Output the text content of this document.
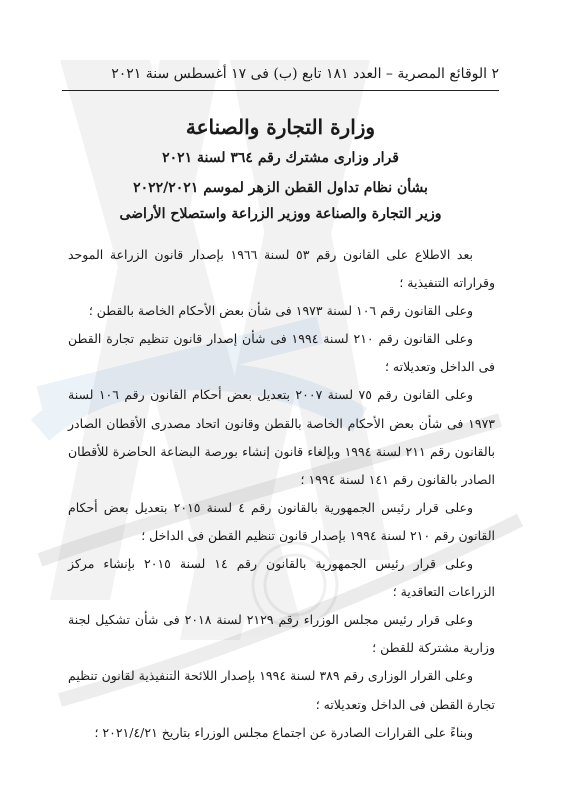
٢ الوقائع المصرية – العدد ١٨١ تابع (ب) فى ١٧ أغسطس سنة ٢٠٢١
وزارة التجارة والصناعة
قرار وزارى مشترك رقم ٣٦٤ لسنة ٢٠٢١
بشأن نظام تداول القطن الزهر لموسم ٢٠٢٢/٢٠٢١
وزير التجارة والصناعة ووزير الزراعة واستصلاح الأراضى

بعد الاطلاع على القانون رقم ٥٣ لسنة ١٩٦٦ بإصدار قانون الزراعة الموحد وقراراته التنفيذية ؛

وعلى القانون رقم ١٠٦ لسنة ١٩٧٣ فى شأن بعض الأحكام الخاصة بالقطن ؛

وعلى القانون رقم ٢١٠ لسنة ١٩٩٤ فى شأن إصدار قانون تنظيم تجارة القطن فى الداخل وتعديلاته ؛

وعلى القانون رقم ٧٥ لسنة ٢٠٠٧ بتعديل بعض أحكام القانون رقم ١٠٦ لسنة ١٩٧٣ فى شأن بعض الأحكام الخاصة بالقطن وقانون اتحاد مصدرى الأقطان الصادر بالقانون رقم ٢١١ لسنة ١٩٩٤ وبإلغاء قانون إنشاء بورصة البضاعة الحاضرة للأقطان الصادر بالقانون رقم ١٤١ لسنة ١٩٩٤ ؛

وعلى قرار رئيس الجمهورية بالقانون رقم ٤ لسنة ٢٠١٥ بتعديل بعض أحكام القانون رقم ٢١٠ لسنة ١٩٩٤ بإصدار قانون تنظيم القطن فى الداخل ؛

وعلى قرار رئيس الجمهورية بالقانون رقم ١٤ لسنة ٢٠١٥ بإنشاء مركز الزراعات التعاقدية ؛

وعلى قرار رئيس مجلس الوزراء رقم ٢١٢٩ لسنة ٢٠١٨ فى شأن تشكيل لجنة وزارية مشتركة للقطن ؛

وعلى القرار الوزارى رقم ٣٨٩ لسنة ١٩٩٤ بإصدار اللائحة التنفيذية لقانون تنظيم تجارة القطن فى الداخل وتعديلاته ؛

وبناءً على القرارات الصادرة عن اجتماع مجلس الوزراء بتاريخ ٢٠٢١/٤/٢١ ؛
